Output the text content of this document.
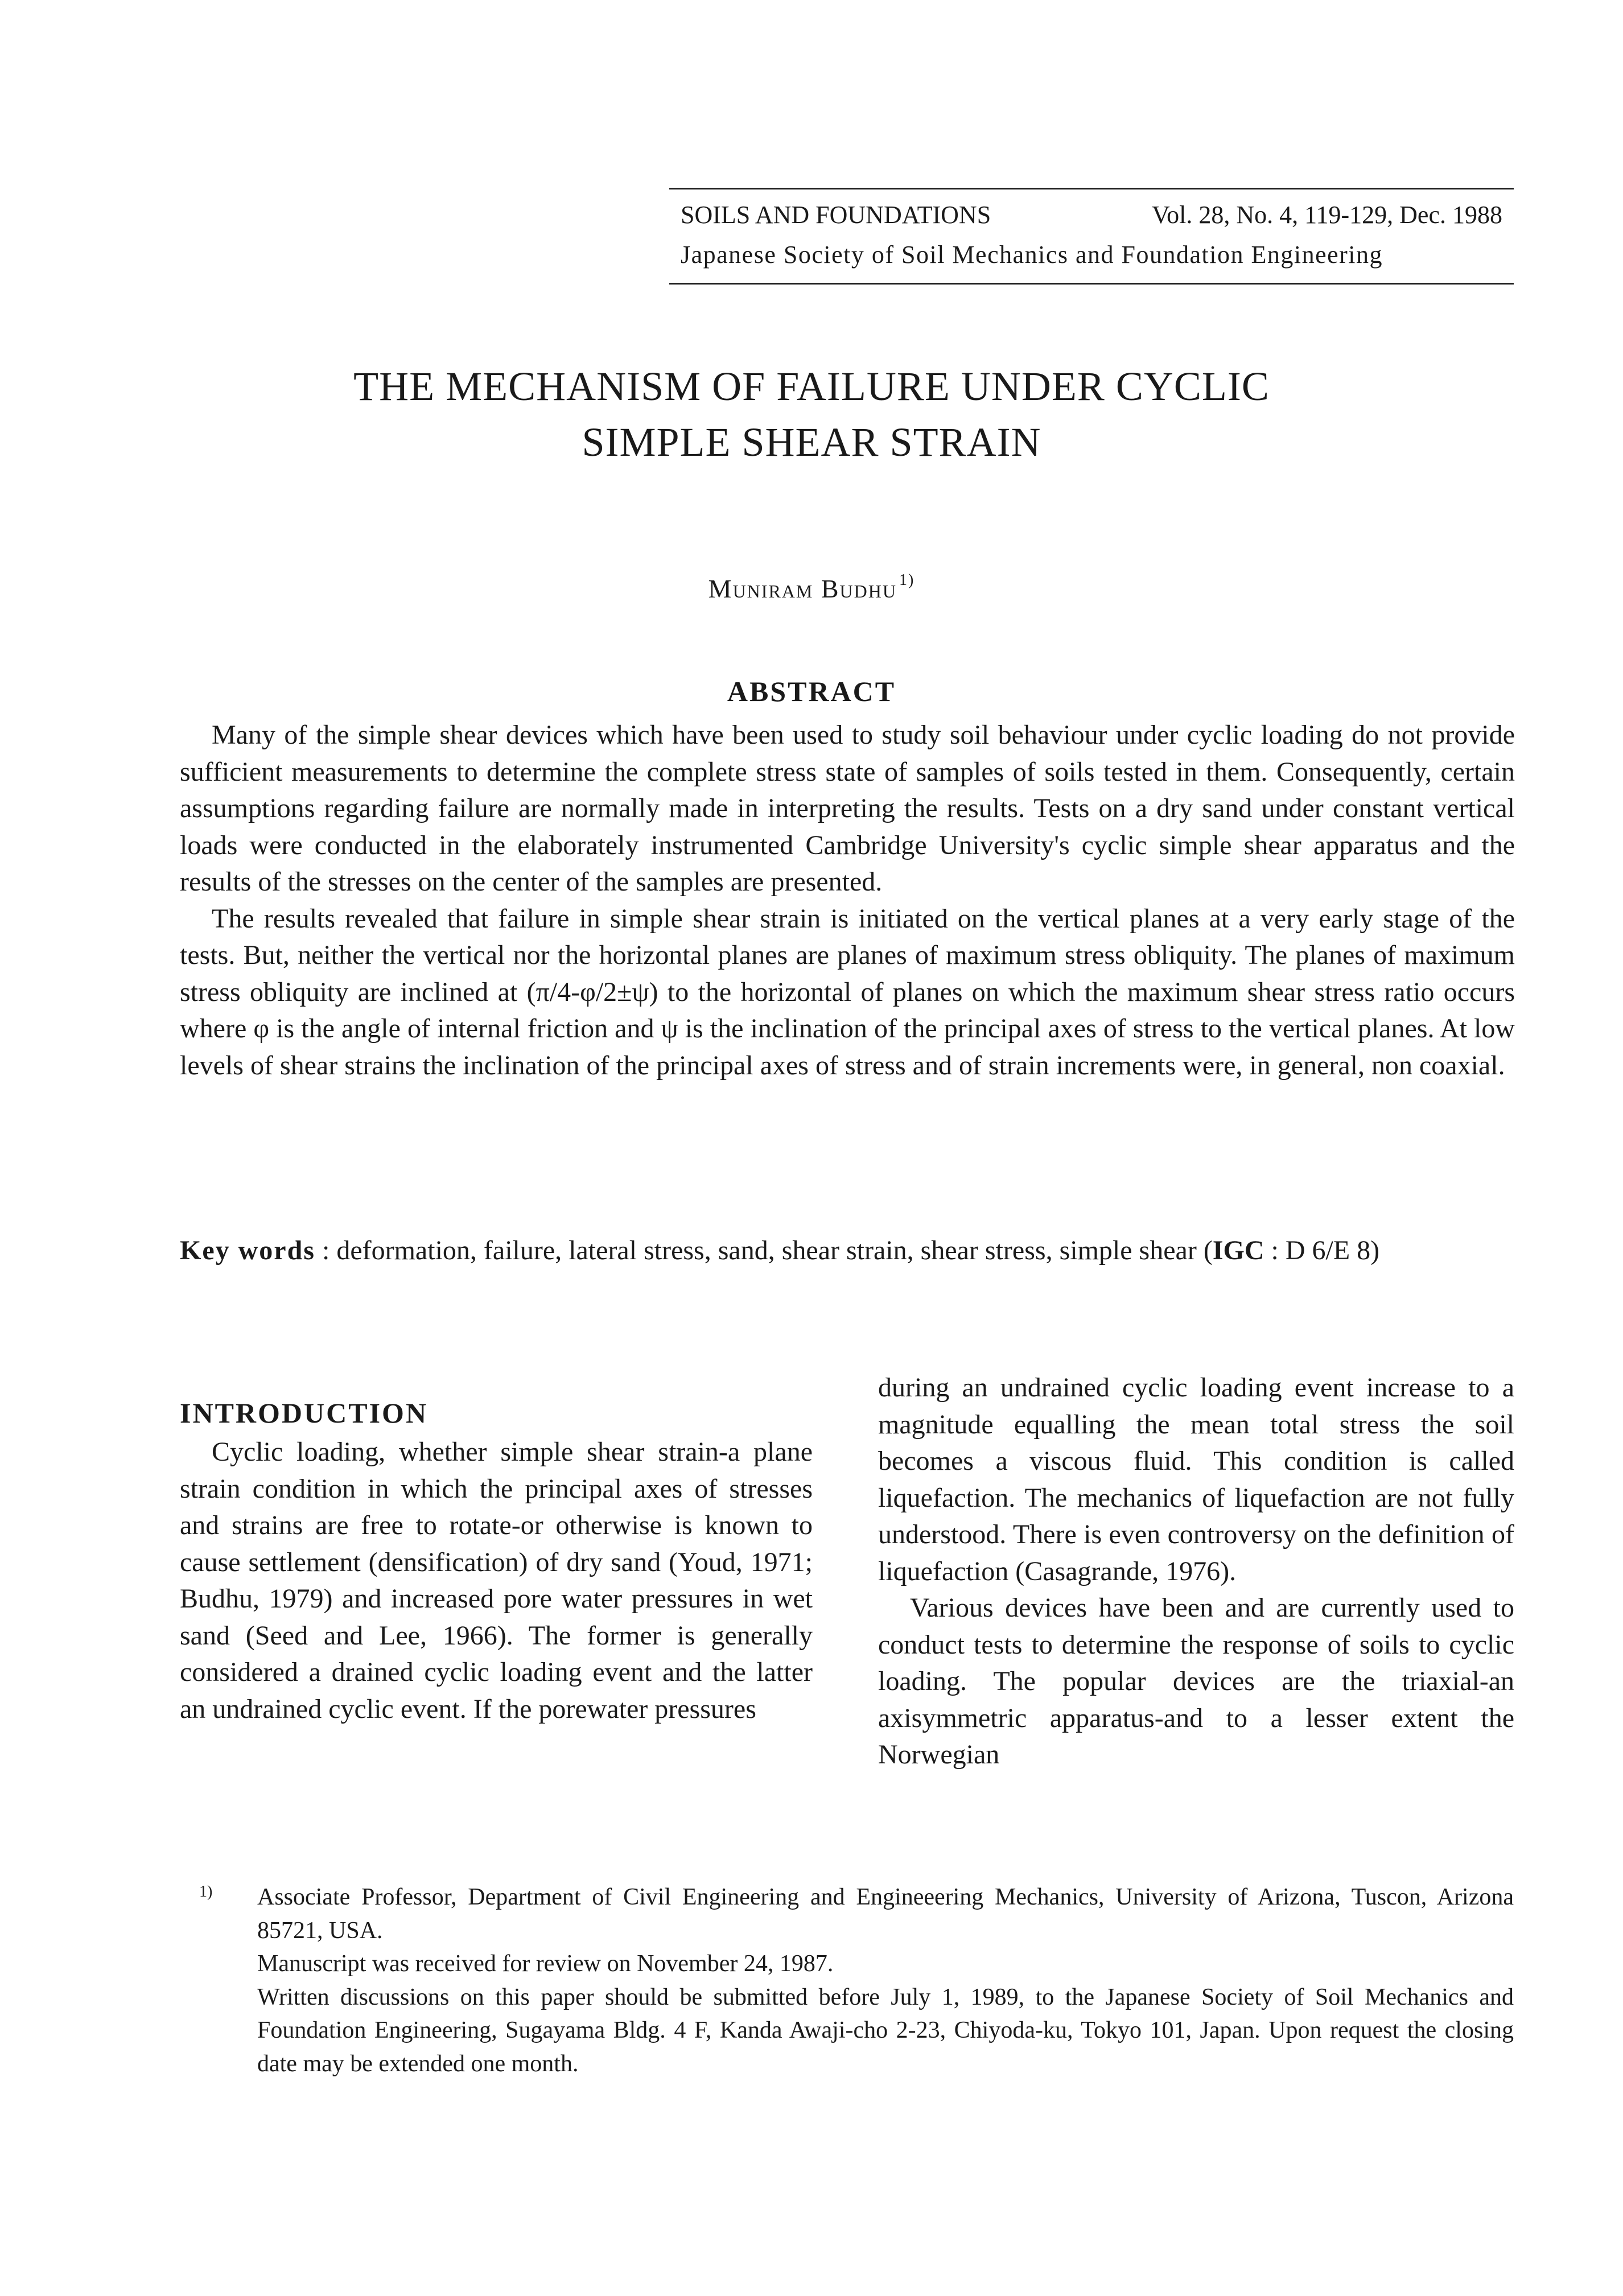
SOILS AND FOUNDATIONS	Vol. 28, No. 4, 119-129, Dec. 1988
Japanese Society of Soil Mechanics and Foundation Engineering
THE MECHANISM OF FAILURE UNDER CYCLIC
SIMPLE SHEAR STRAIN
Muniram Budhu $^{1)}$
ABSTRACT

Many of the simple shear devices which have been used to study soil behaviour under cyclic loading do not provide sufficient measurements to determine the complete stress state of samples of soils tested in them. Consequently, certain assumptions regarding failure are normally made in interpreting the results. Tests on a dry sand under constant vertical loads were conducted in the elaborately instrumented Cambridge University's cyclic simple shear apparatus and the results of the stresses on the center of the samples are presented.

The results revealed that failure in simple shear strain is initiated on the vertical planes at a very early stage of the tests. But, neither the vertical nor the horizontal planes are planes of maximum stress obliquity. The planes of maximum stress obliquity are inclined at (π/4-φ/2±ψ) to the horizontal of planes on which the maximum shear stress ratio occurs where φ is the angle of internal friction and ψ is the inclination of the principal axes of stress to the vertical planes. At low levels of shear strains the inclination of the principal axes of stress and of strain increments were, in general, non coaxial.

Key words : deformation, failure, lateral stress, sand, shear strain, shear stress, simple shear (IGC : D 6/E 8)
INTRODUCTION

Cyclic loading, whether simple shear strain-a plane strain condition in which the principal axes of stresses and strains are free to rotate-or otherwise is known to cause settlement (densification) of dry sand (Youd, 1971; Budhu, 1979) and increased pore water pressures in wet sand (Seed and Lee, 1966). The former is generally considered a drained cyclic loading event and the latter an undrained cyclic event. If the porewater pressures

during an undrained cyclic loading event increase to a magnitude equalling the mean total stress the soil becomes a viscous fluid. This condition is called liquefaction. The mechanics of liquefaction are not fully understood. There is even controversy on the definition of liquefaction (Casagrande, 1976).

Various devices have been and are currently used to conduct tests to determine the response of soils to cyclic loading. The popular devices are the triaxial-an axisymmetric apparatus-and to a lesser extent the Norwegian

1) Associate Professor, Department of Civil Engineering and Engineeering Mechanics, University of Arizona, Tuscon, Arizona 85721, USA.

Manuscript was received for review on November 24, 1987.

Written discussions on this paper should be submitted before July 1, 1989, to the Japanese Society of Soil Mechanics and Foundation Engineering, Sugayama Bldg. 4 F, Kanda Awaji-cho 2-23, Chiyoda-ku, Tokyo 101, Japan. Upon request the closing date may be extended one month.
